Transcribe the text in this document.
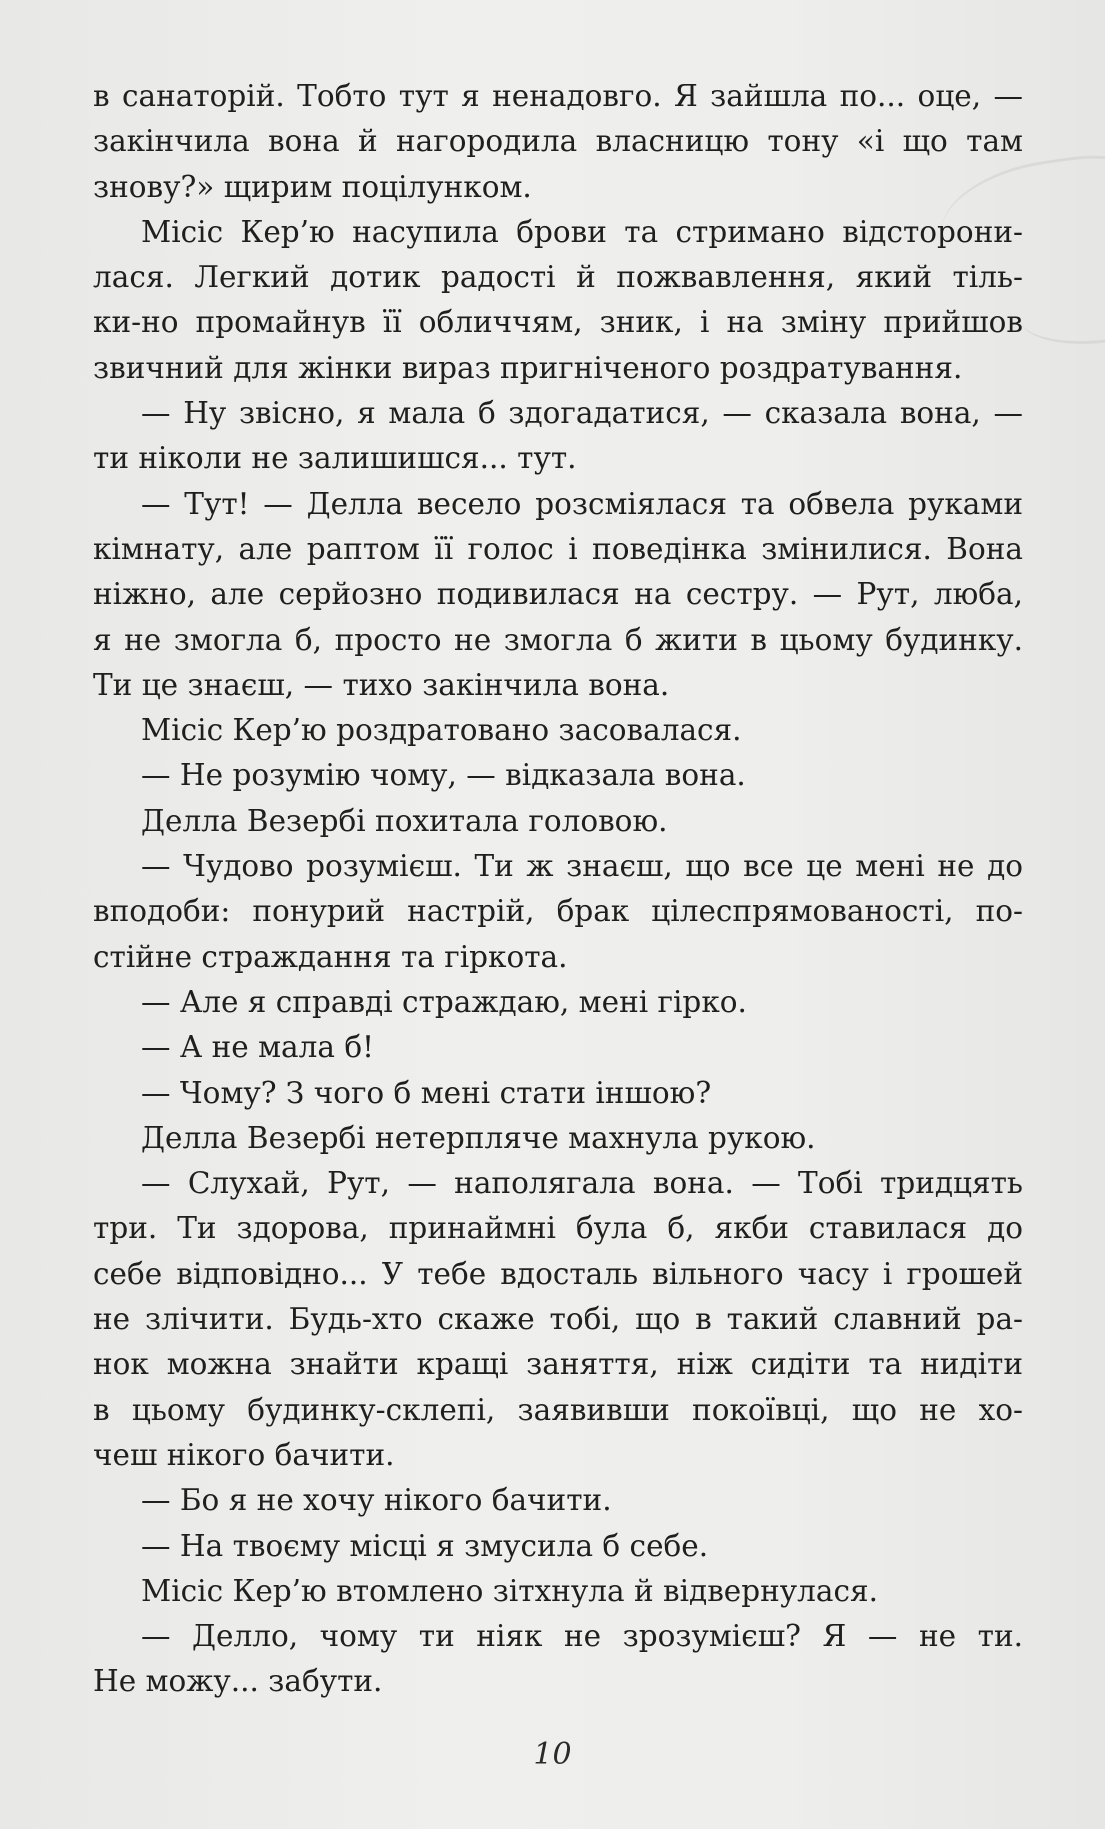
в санаторій. Тобто тут я ненадовго. Я зайшла по... оце, —
закінчила вона й нагородила власницю тону «і що там
знову?» щирим поцілунком.
Місіс Кер’ю насупила брови та стримано відсторони-
лася. Легкий дотик радості й пожвавлення, який тіль-
ки-но промайнув її обличчям, зник, і на зміну прийшов
звичний для жінки вираз пригніченого роздратування.
— Ну звісно, я мала б здогадатися, — сказала вона, —
ти ніколи не залишишся... тут.
— Тут! — Делла весело розсміялася та обвела руками
кімнату, але раптом її голос і поведінка змінилися. Вона
ніжно, але серйозно подивилася на сестру. — Рут, люба,
я не змогла б, просто не змогла б жити в цьому будинку.
Ти це знаєш, — тихо закінчила вона.
Місіс Кер’ю роздратовано засовалася.
— Не розумію чому, — відказала вона.
Делла Везербі похитала головою.
— Чудово розумієш. Ти ж знаєш, що все це мені не до
вподоби: понурий настрій, брак цілеспрямованості, по-
стійне страждання та гіркота.
— Але я справді страждаю, мені гірко.
— А не мала б!
— Чому? З чого б мені стати іншою?
Делла Везербі нетерпляче махнула рукою.
— Слухай, Рут, — наполягала вона. — Тобі тридцять
три. Ти здорова, принаймні була б, якби ставилася до
себе відповідно... У тебе вдосталь вільного часу і грошей
не злічити. Будь-хто скаже тобі, що в такий славний ра-
нок можна знайти кращі заняття, ніж сидіти та нидіти
в цьому будинку-склепі, заявивши покоївці, що не хо-
чеш нікого бачити.
— Бо я не хочу нікого бачити.
— На твоєму місці я змусила б себе.
Місіс Кер’ю втомлено зітхнула й відвернулася.
— Делло, чому ти ніяк не зрозумієш? Я — не ти.
Не можу... забути.
10
